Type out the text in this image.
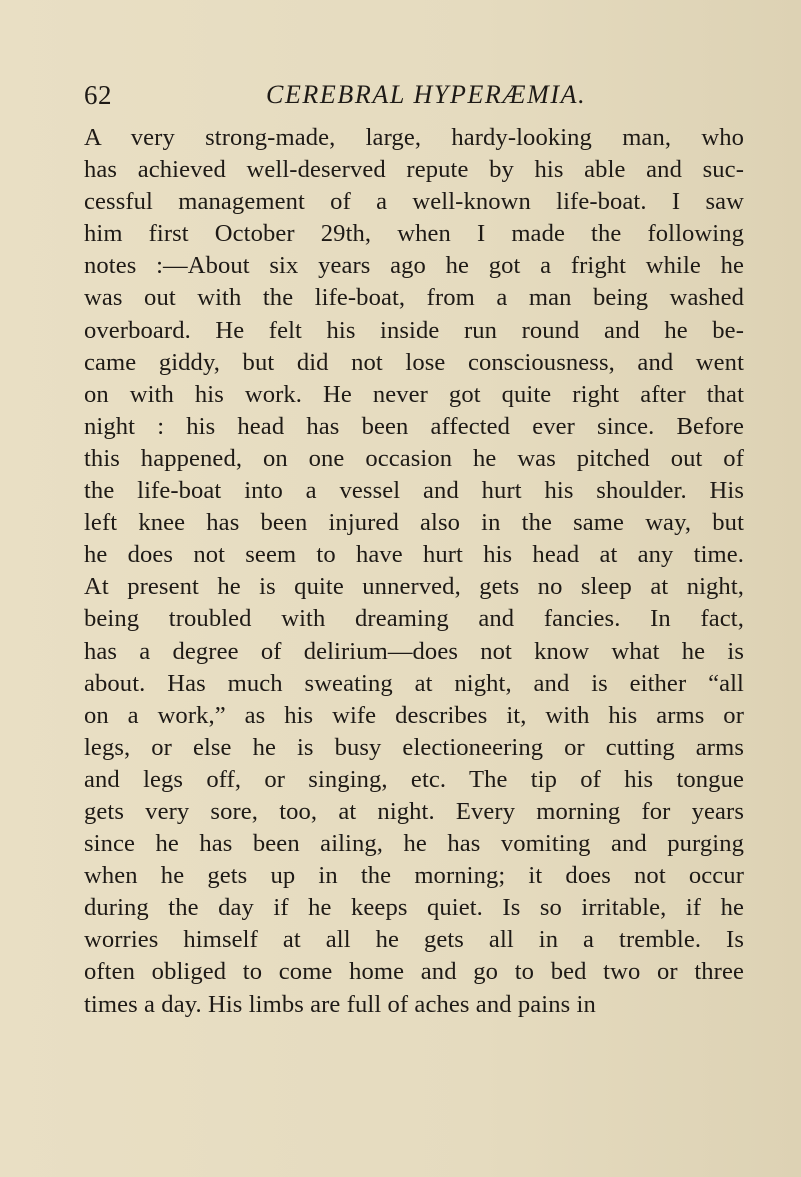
62	CEREBRAL HYPERÆMIA.
A very strong-made, large, hardy-looking man, who
has achieved well-deserved repute by his able and suc-
cessful management of a well-known life-boat. I saw
him first October 29th, when I made the following
notes :—About six years ago he got a fright while he
was out with the life-boat, from a man being washed
overboard. He felt his inside run round and he be-
came giddy, but did not lose consciousness, and went
on with his work. He never got quite right after that
night : his head has been affected ever since. Before
this happened, on one occasion he was pitched out of
the life-boat into a vessel and hurt his shoulder. His
left knee has been injured also in the same way, but
he does not seem to have hurt his head at any time.
At present he is quite unnerved, gets no sleep at night,
being troubled with dreaming and fancies. In fact,
has a degree of delirium—does not know what he is
about. Has much sweating at night, and is either “all
on a work,” as his wife describes it, with his arms or
legs, or else he is busy electioneering or cutting arms
and legs off, or singing, etc. The tip of his tongue
gets very sore, too, at night. Every morning for years
since he has been ailing, he has vomiting and purging
when he gets up in the morning; it does not occur
during the day if he keeps quiet. Is so irritable, if he
worries himself at all he gets all in a tremble. Is
often obliged to come home and go to bed two or three
times a day. His limbs are full of aches and pains in
